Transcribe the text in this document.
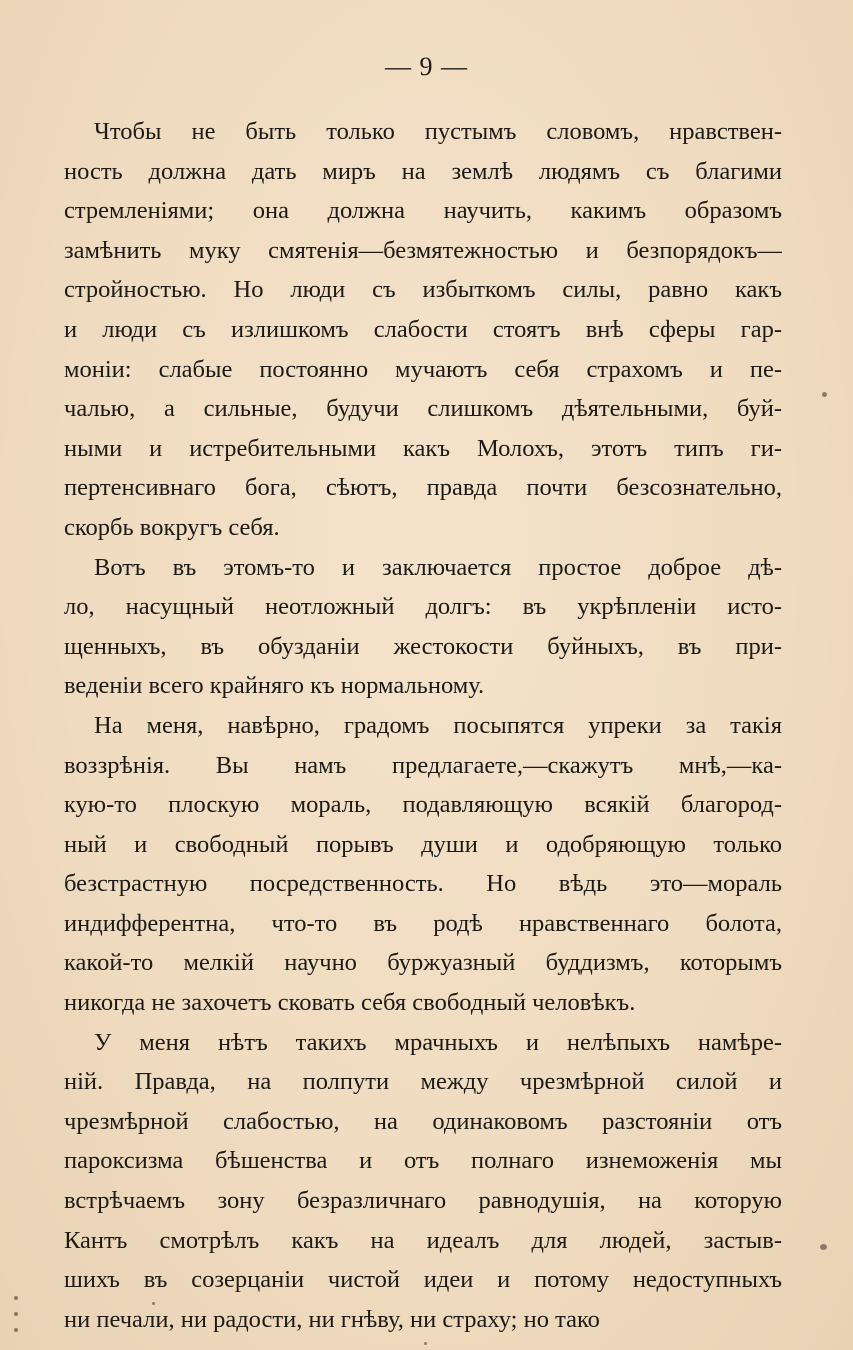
— 9 —
Чтобы не быть только пустымъ словомъ, нравствен-
ность должна дать миръ на землѣ людямъ съ благими
стремленіями; она должна научить, какимъ образомъ
замѣнить муку смятенія—безмятежностью и безпорядокъ—
стройностью. Но люди съ избыткомъ силы, равно какъ
и люди съ излишкомъ слабости стоятъ внѣ сферы гар-
моніи: слабые постоянно мучаютъ себя страхомъ и пе-
чалью, а сильные, будучи слишкомъ дѣятельными, буй-
ными и истребительными какъ Молохъ, этотъ типъ ги-
пертенсивнаго бога, сѣютъ, правда почти безсознательно,
скорбь вокругъ себя.
Вотъ въ этомъ-то и заключается простое доброе дѣ-
ло, насущный неотложный долгъ: въ укрѣпленіи исто-
щенныхъ, въ обузданіи жестокости буйныхъ, въ при-
веденіи всего крайняго къ нормальному.
На меня, навѣрно, градомъ посыпятся упреки за такія
воззрѣнія. Вы намъ предлагаете,—скажутъ мнѣ,—ка-
кую-то плоскую мораль, подавляющую всякій благород-
ный и свободный порывъ души и одобряющую только
безстрастную посредственность. Но вѣдь это—мораль
индифферентна, что-то въ родѣ нравственнаго болота,
какой-то мелкій научно буржуазный буддизмъ, которымъ
никогда не захочетъ сковать себя свободный человѣкъ.
У меня нѣтъ такихъ мрачныхъ и нелѣпыхъ намѣре-
ній. Правда, на полпути между чрезмѣрной силой и
чрезмѣрной слабостью, на одинаковомъ разстояніи отъ
пароксизма бѣшенства и отъ полнаго изнеможенія мы
встрѣчаемъ зону безразличнаго равнодушія, на которую
Кантъ смотрѣлъ какъ на идеалъ для людей, застыв-
шихъ въ созерцаніи чистой идеи и потому недоступныхъ
ни печали, ни радости, ни гнѣву, ни страху; но тако
